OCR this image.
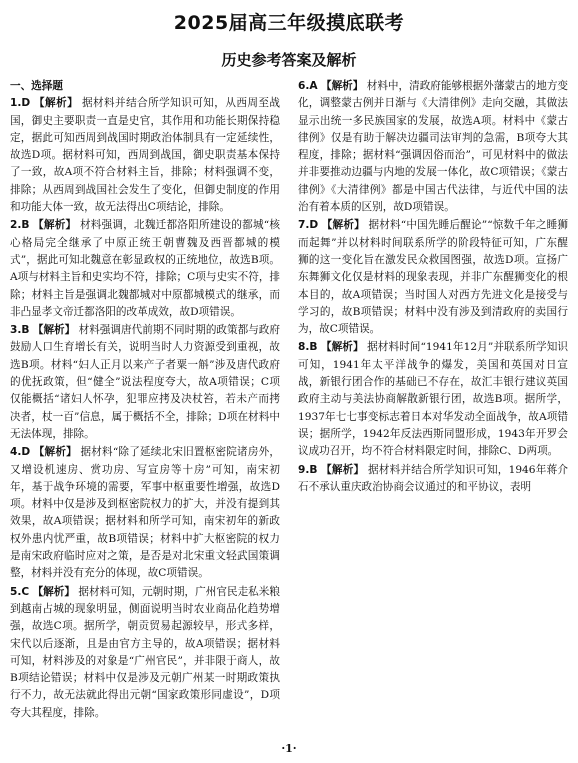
2025届高三年级摸底联考
历史参考答案及解析
一、选择题

1.D 【解析】 据材料并结合所学知识可知，从西周至战国，御史主要职责一直是史官，其作用和功能长期保持稳定，据此可知西周到战国时期政治体制具有一定延续性，故选D项。据材料可知，西周到战国，御史职责基本保持了一致，故A项不符合材料主旨，排除；材料强调不变，排除；从西周到战国社会发生了变化，但御史制度的作用和功能大体一致，故无法得出C项结论，排除。

2.B 【解析】 材料强调，北魏迁都洛阳所建设的都城“核心格局完全继承了中原正统王朝曹魏及西晋都城的模式”，据此可知北魏意在彰显政权的正统地位，故选B项。A项与材料主旨和史实均不符，排除；C项与史实不符，排除；材料主旨是强调北魏都城对中原都城模式的继承，而非凸显孝文帝迁都洛阳的改革成效，故D项错误。

3.B 【解析】 材料强调唐代前期不同时期的政策都与政府鼓励人口生育增长有关，说明当时人力资源受到重视，故选B项。材料“妇人正月以来产子者粟一斛”涉及唐代政府的优抚政策，但“健全”说法程度夸大，故A项错误；C项仅能概括“诸妇人怀孕，犯罪应拷及决杖笞，若未产而拷决者，杖一百”信息，属于概括不全，排除；D项在材料中无法体现，排除。

4.D 【解析】 据材料“除了延续北宋旧置枢密院诸房外，又增设机速房、赏功房、写宣房等十房”可知，南宋初年，基于战争环境的需要，军事中枢重要性增强，故选D项。材料中仅是涉及到枢密院权力的扩大，并没有提到其效果，故A项错误；据材料和所学可知，南宋初年的新政权外患内忧严重，故B项错误；材料中扩大枢密院的权力是南宋政府临时应对之策，是否是对北宋重文轻武国策调整，材料并没有充分的体现，故C项错误。

5.C 【解析】 据材料可知，元朝时期，广州官民走私米粮到越南占城的现象明显，侧面说明当时农业商品化趋势增强，故选C项。据所学，朝贡贸易起源较早，形式多样，宋代以后逐渐，且是由官方主导的，故A项错误；据材料可知，材料涉及的对象是“广州官民”，并非限于商人，故B项结论错误；材料中仅是涉及元朝广州某一时期政策执行不力，故无法就此得出元朝“国家政策形同虚设”，D项夸大其程度，排除。

6.A 【解析】 材料中，清政府能够根据外藩蒙古的地方变化，调整蒙古例并日渐与《大清律例》走向交融，其做法显示出统一多民族国家的发展，故选A项。材料中《蒙古律例》仅是有助于解决边疆司法审判的急需，B项夸大其程度，排除；据材料“强调因俗而治”，可见材料中的做法并非要推动边疆与内地的发展一体化，故C项错误；《蒙古律例》《大清律例》都是中国古代法律，与近代中国的法治有着本质的区别，故D项错误。

7.D 【解析】 据材料“中国先睡后醒论”“惊数千年之睡狮而起舞”并以材料时间联系所学的阶段特征可知，广东醒狮的这一变化旨在激发民众救国图强，故选D项。宣扬广东舞狮文化仅是材料的现象表现，并非广东醒狮变化的根本目的，故A项错误；当时国人对西方先进文化是接受与学习的，故B项错误；材料中没有涉及到清政府的卖国行为，故C项错误。

8.B 【解析】 据材料时间“1941年12月”并联系所学知识可知，1941年太平洋战争的爆发，美国和英国对日宣战，新银行团合作的基础已不存在，故汇丰银行建议英国政府主动与美法协商解散新银行团，故选B项。据所学，1937年七七事变标志着日本对华发动全面战争，故A项错误；据所学，1942年反法西斯同盟形成，1943年开罗会议成功召开，均不符合材料限定时间，排除C、D两项。

9.B 【解析】 据材料并结合所学知识可知，1946年蒋介石不承认重庆政治协商会议通过的和平协议，表明

·1·
